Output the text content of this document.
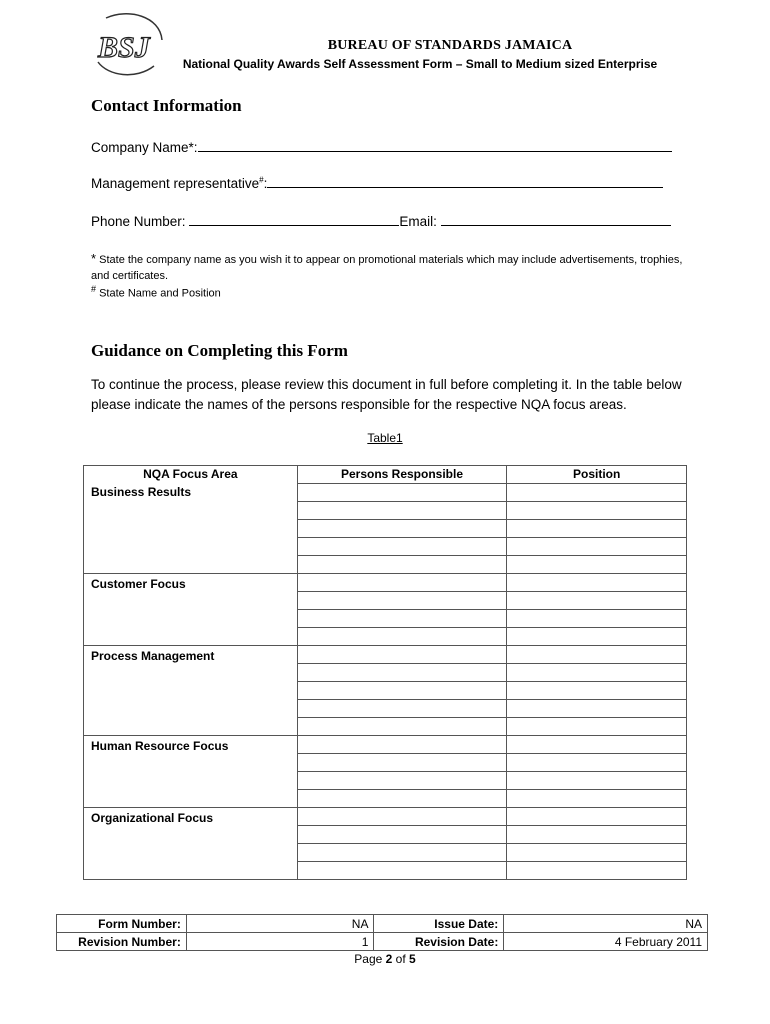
BSJ	BUREAU OF STANDARDS JAMAICA
National Quality Awards Self Assessment Form – Small to Medium sized Enterprise
Contact Information
Company Name*:
Management representative#:
Phone Number:	Email:
* State the company name as you wish it to appear on promotional materials which may include advertisements, trophies, and certificates.
# State Name and Position
Guidance on Completing this Form
To continue the process, please review this document in full before completing it. In the table below please indicate the names of the persons responsible for the respective NQA focus areas.
Table1
NQA Focus Area	Persons Responsible	Position
Business Results		

Customer Focus		

Process Management		

Human Resource Focus		

Organizational Focus		

Form Number:	NA	Issue Date:	NA
Revision Number:	1	Revision Date:	4 February 2011
Page 2 of 5
